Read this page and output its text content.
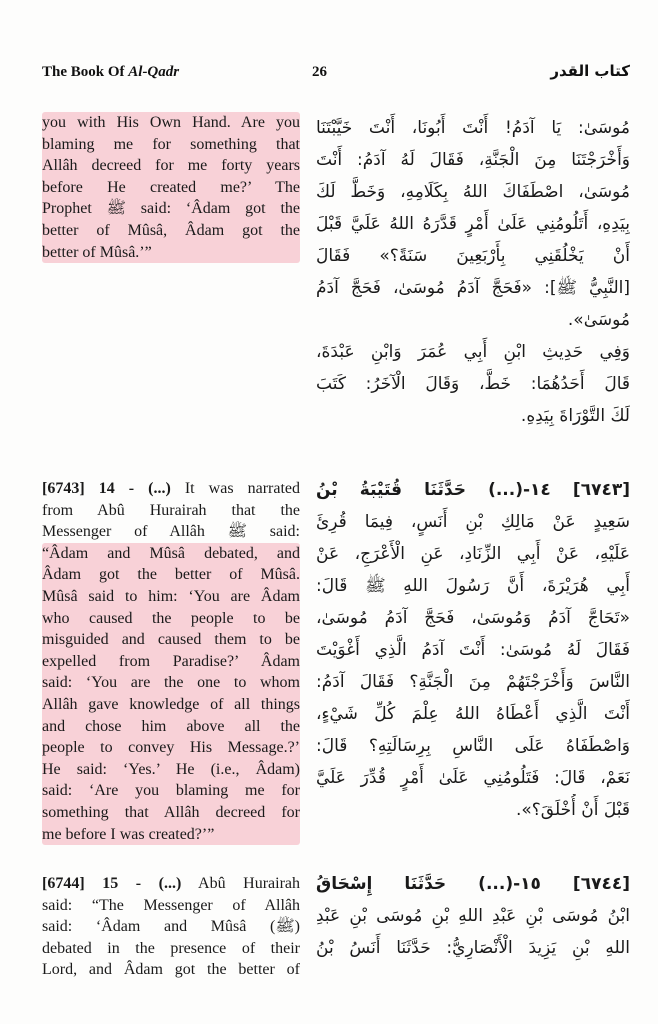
The Book Of Al-Qadr	26	كتاب القدر
you with His Own Hand. Are you
blaming me for something that
Allâh decreed for me forty years
before He created me?’ The
Prophet ﷺ said: ‘Âdam got the
better of Mûsâ, Âdam got the
better of Mûsâ.’”
مُوسَىٰ: يَا آدَمُ! أَنْتَ أَبُونَا، أَنْتَ خَيَّبْتَنَا
وَأَخْرَجْتَنَا مِنَ الْجَنَّةِ، فَقَالَ لَهُ آدَمُ: أَنْتَ
مُوسَىٰ، اصْطَفَاكَ اللهُ بِكَلَامِهِ، وَخَطَّ لَكَ
بِيَدِهِ، أَتَلُومُنِي عَلَىٰ أَمْرٍ قَدَّرَهُ اللهُ عَلَيَّ قَبْلَ
أَنْ يَخْلُقَنِي بِأَرْبَعِينَ سَنَةً؟» فَقَالَ
[النَّبِيُّ ﷺ]: «فَحَجَّ آدَمُ مُوسَىٰ، فَحَجَّ آدَمُ
مُوسَىٰ».
وَفِي حَدِيثِ ابْنِ أَبِي عُمَرَ وَابْنِ عَبْدَةَ،
قَالَ أَحَدُهُمَا: خَطَّ، وَقَالَ الْآخَرُ: كَتَبَ
لَكَ التَّوْرَاةَ بِيَدِهِ.
[6743] 14 - (...) It was narrated
from Abû Hurairah that the
Messenger of Allâh ﷺ said:
“Âdam and Mûsâ debated, and
Âdam got the better of Mûsâ.
Mûsâ said to him: ‘You are Âdam
who caused the people to be
misguided and caused them to be
expelled from Paradise?’ Âdam
said: ‘You are the one to whom
Allâh gave knowledge of all things
and chose him above all the
people to convey His Message.?’
He said: ‘Yes.’ He (i.e., Âdam)
said: ‘Are you blaming me for
something that Allâh decreed for
me before I was created?’”
[٦٧٤٣] ١٤-(...) حَدَّثَنَا قُتَيْبَةُ بْنُ
سَعِيدٍ عَنْ مَالِكِ بْنِ أَنَسٍ، فِيمَا قُرِئَ
عَلَيْهِ، عَنْ أَبِي الزِّنَادِ، عَنِ الْأَعْرَجِ، عَنْ
أَبِي هُرَيْرَةَ، أَنَّ رَسُولَ اللهِ ﷺ قَالَ:
«تَحَاجَّ آدَمُ وَمُوسَىٰ، فَحَجَّ آدَمُ مُوسَىٰ،
فَقَالَ لَهُ مُوسَىٰ: أَنْتَ آدَمُ الَّذِي أَغْوَيْتَ
النَّاسَ وَأَخْرَجْتَهُمْ مِنَ الْجَنَّةِ؟ فَقَالَ آدَمُ:
أَنْتَ الَّذِي أَعْطَاهُ اللهُ عِلْمَ كُلِّ شَيْءٍ،
وَاصْطَفَاهُ عَلَى النَّاسِ بِرِسَالَتِهِ؟ قَالَ:
نَعَمْ، قَالَ: فَتَلُومُنِي عَلَىٰ أَمْرٍ قُدِّرَ عَلَيَّ
قَبْلَ أَنْ أُخْلَقَ؟».
[6744] 15 - (...) Abû Hurairah
said: “The Messenger of Allâh
said: ‘Âdam and Mûsâ (ﷺ)
debated in the presence of their
Lord, and Âdam got the better of
[٦٧٤٤] ١٥-(...) حَدَّثَنَا إِسْحَاقُ
ابْنُ مُوسَى بْنِ عَبْدِ اللهِ بْنِ مُوسَى بْنِ عَبْدِ
اللهِ بْنِ يَزِيدَ الْأَنْصَارِيُّ: حَدَّثَنَا أَنَسُ بْنُ
